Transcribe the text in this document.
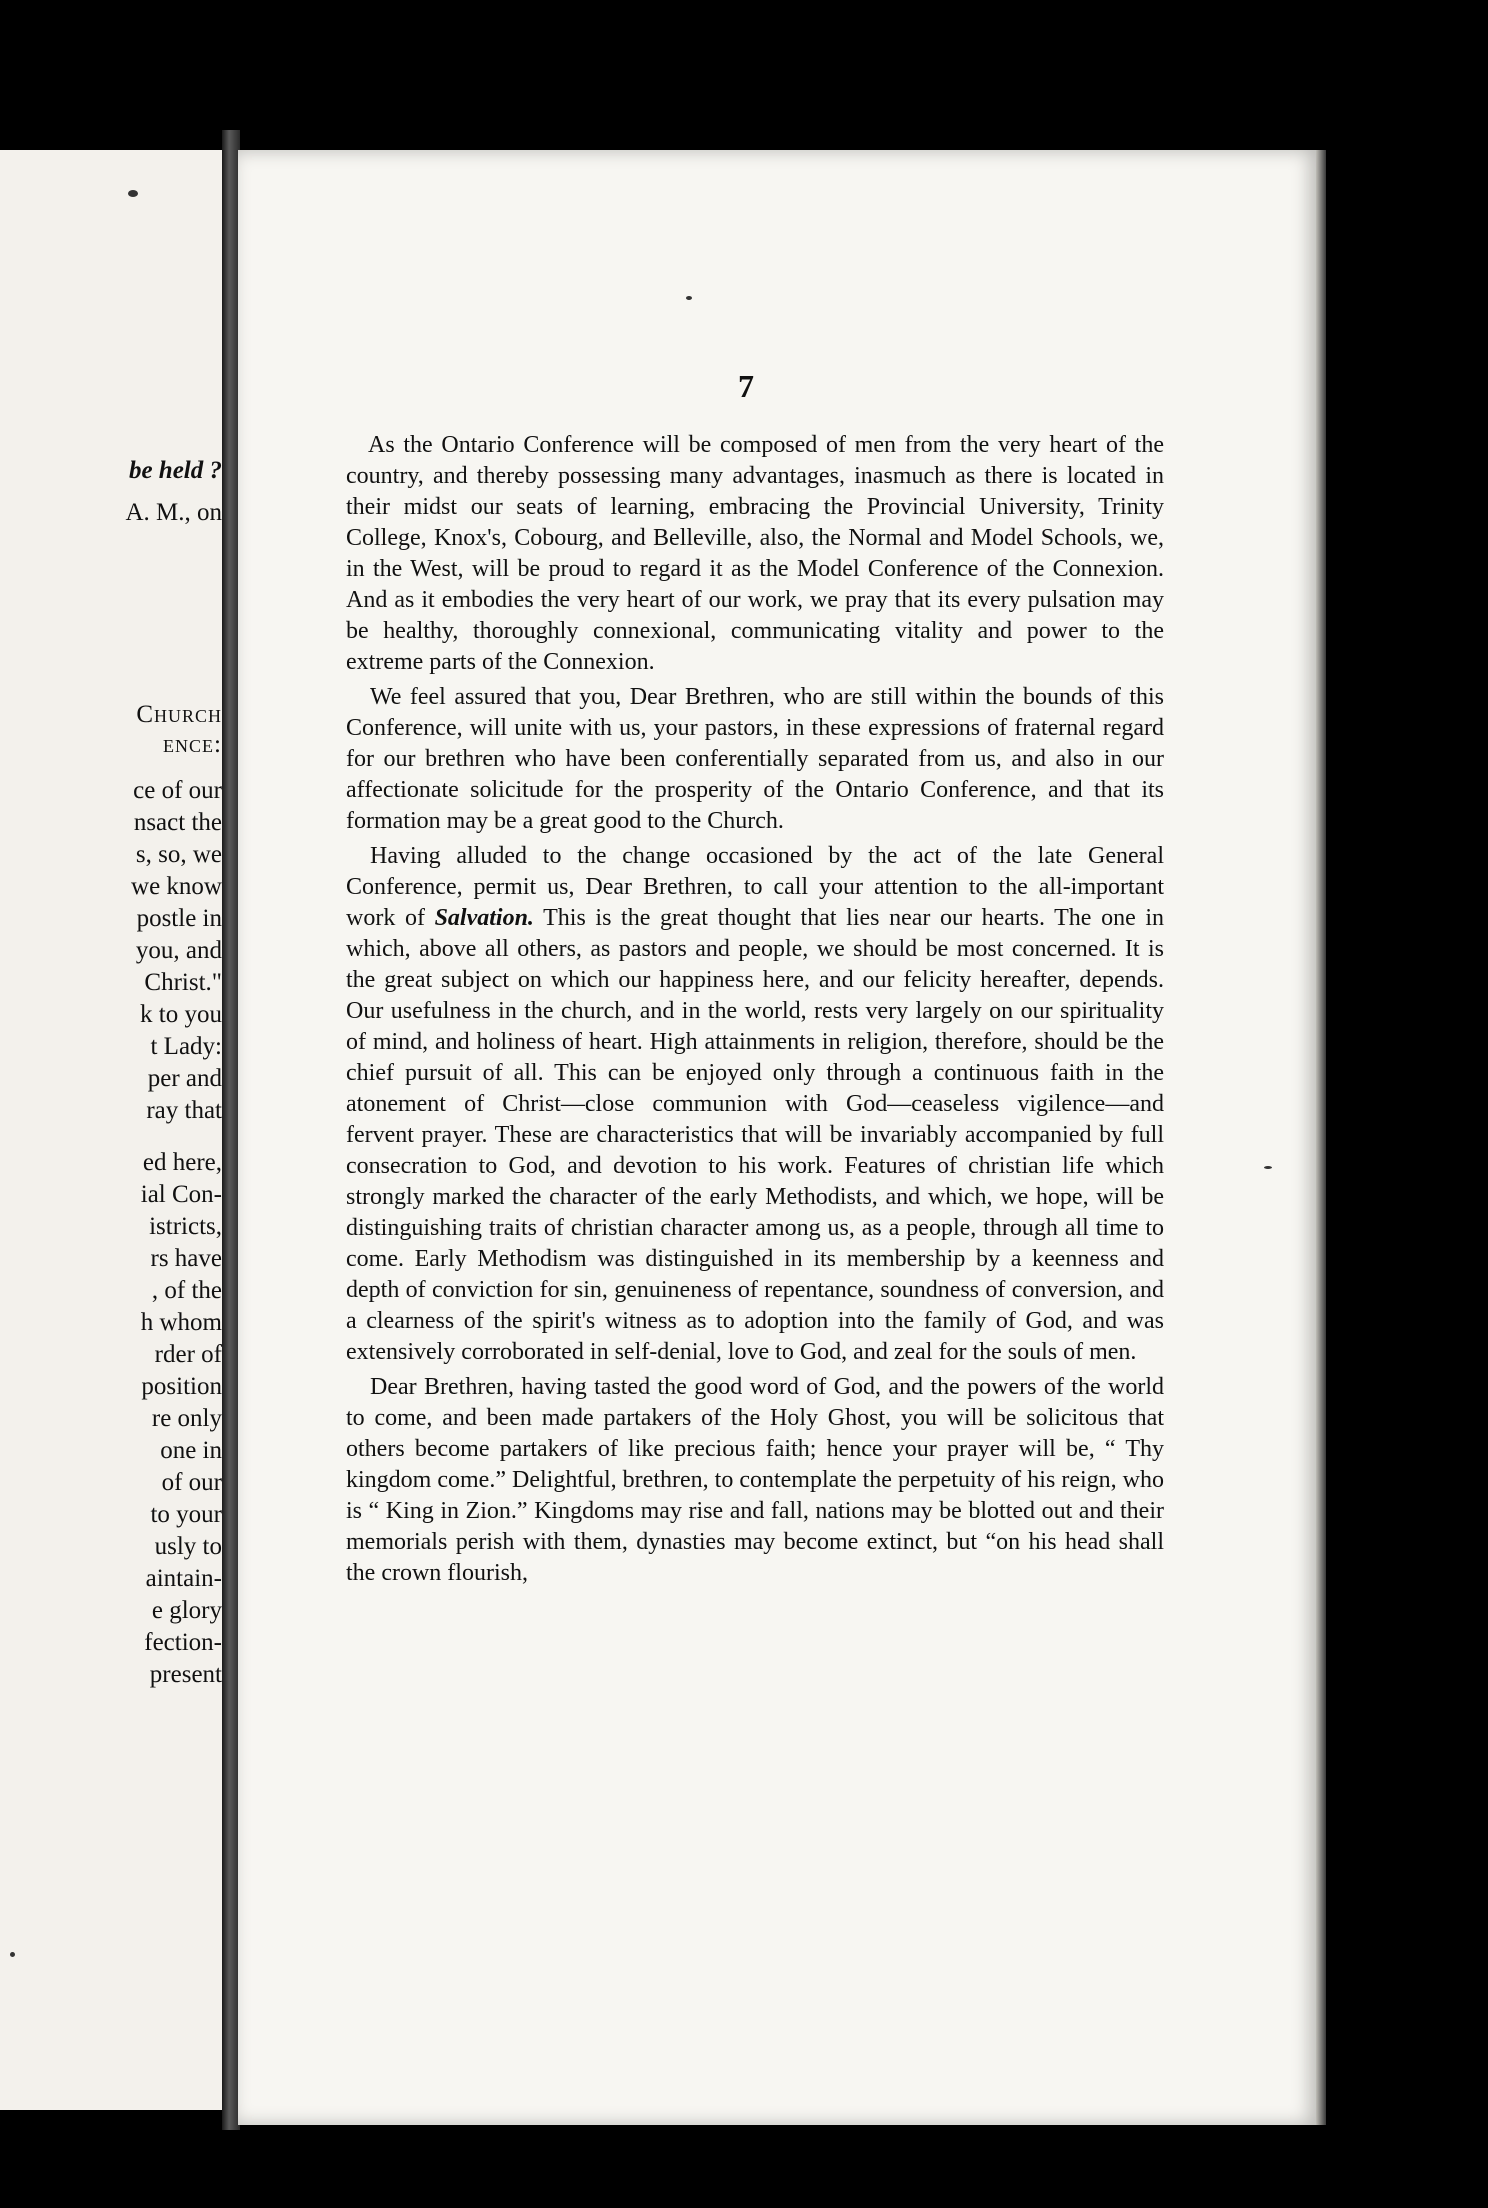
be held ?
A. M., on
Church
ence:
ce of our
nsact the
s, so, we
we know
postle in
you, and
Christ."
k to you
t Lady:
per and
ray that
ed here,
ial Con-
istricts,
rs have
, of the
h whom
rder of
position
re only
one in
of our
to your
usly to
aintain-
e glory
fection-
present
7

As the Ontario Conference will be composed of men from the very heart of the country, and thereby possessing many advantages, inasmuch as there is located in their midst our seats of learning, embracing the Provincial University, Trinity College, Knox's, Cobourg, and Belleville, also, the Normal and Model Schools, we, in the West, will be proud to regard it as the Model Conference of the Connexion. And as it embodies the very heart of our work, we pray that its every pulsation may be healthy, thoroughly connexional, communicating vitality and power to the extreme parts of the Connexion.

We feel assured that you, Dear Brethren, who are still within the bounds of this Conference, will unite with us, your pastors, in these expressions of fraternal regard for our brethren who have been conferentially separated from us, and also in our affectionate solicitude for the prosperity of the Ontario Conference, and that its formation may be a great good to the Church.

Having alluded to the change occasioned by the act of the late General Conference, permit us, Dear Brethren, to call your attention to the all-important work of Salvation. This is the great thought that lies near our hearts. The one in which, above all others, as pastors and people, we should be most concerned. It is the great subject on which our happiness here, and our felicity hereafter, depends. Our usefulness in the church, and in the world, rests very largely on our spirituality of mind, and holiness of heart. High attainments in religion, therefore, should be the chief pursuit of all. This can be enjoyed only through a continuous faith in the atonement of Christ—close communion with God—ceaseless vigilence—and fervent prayer. These are characteristics that will be invariably accompanied by full consecration to God, and devotion to his work. Features of christian life which strongly marked the character of the early Methodists, and which, we hope, will be distinguishing traits of christian character among us, as a people, through all time to come. Early Methodism was distinguished in its membership by a keenness and depth of conviction for sin, genuineness of repentance, soundness of conversion, and a clearness of the spirit's witness as to adoption into the family of God, and was extensively corroborated in self-denial, love to God, and zeal for the souls of men.

Dear Brethren, having tasted the good word of God, and the powers of the world to come, and been made partakers of the Holy Ghost, you will be solicitous that others become partakers of like precious faith; hence your prayer will be, “ Thy kingdom come.” Delightful, brethren, to contemplate the perpetuity of his reign, who is “ King in Zion.” Kingdoms may rise and fall, nations may be blotted out and their memorials perish with them, dynasties may become extinct, but “on his head shall the crown flourish,
